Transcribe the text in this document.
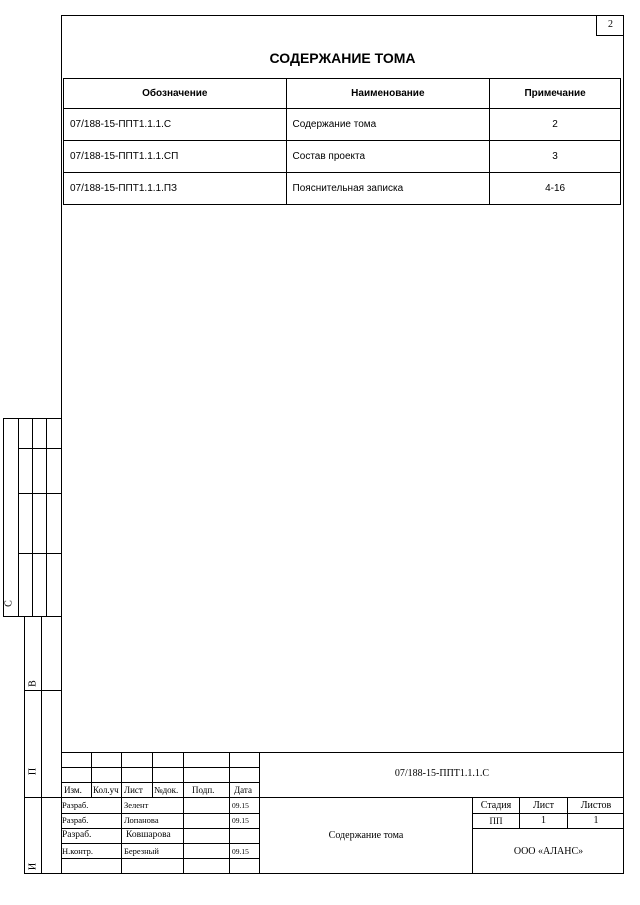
2
СОДЕРЖАНИЕ ТОМА
Обозначение	Наименование	Примечание
07/188-15-ППТ1.1.1.С	Содержание тома	2
07/188-15-ППТ1.1.1.СП	Состав проекта	3
07/188-15-ППТ1.1.1.ПЗ	Пояснительная записка	4-16
С
В
П
И
07/188-15-ППТ1.1.1.С
Изм. Кол.уч Лист №док. Подп. Дата
Разраб.	Зелент	09.15
Разраб.	Лопанова	09.15
Разраб.	Ковшарова
Н.контр.	Березный	09.15
Содержание тома
Стадия	Лист	Листов
ПП	1	1
ООО «АЛАНС»
